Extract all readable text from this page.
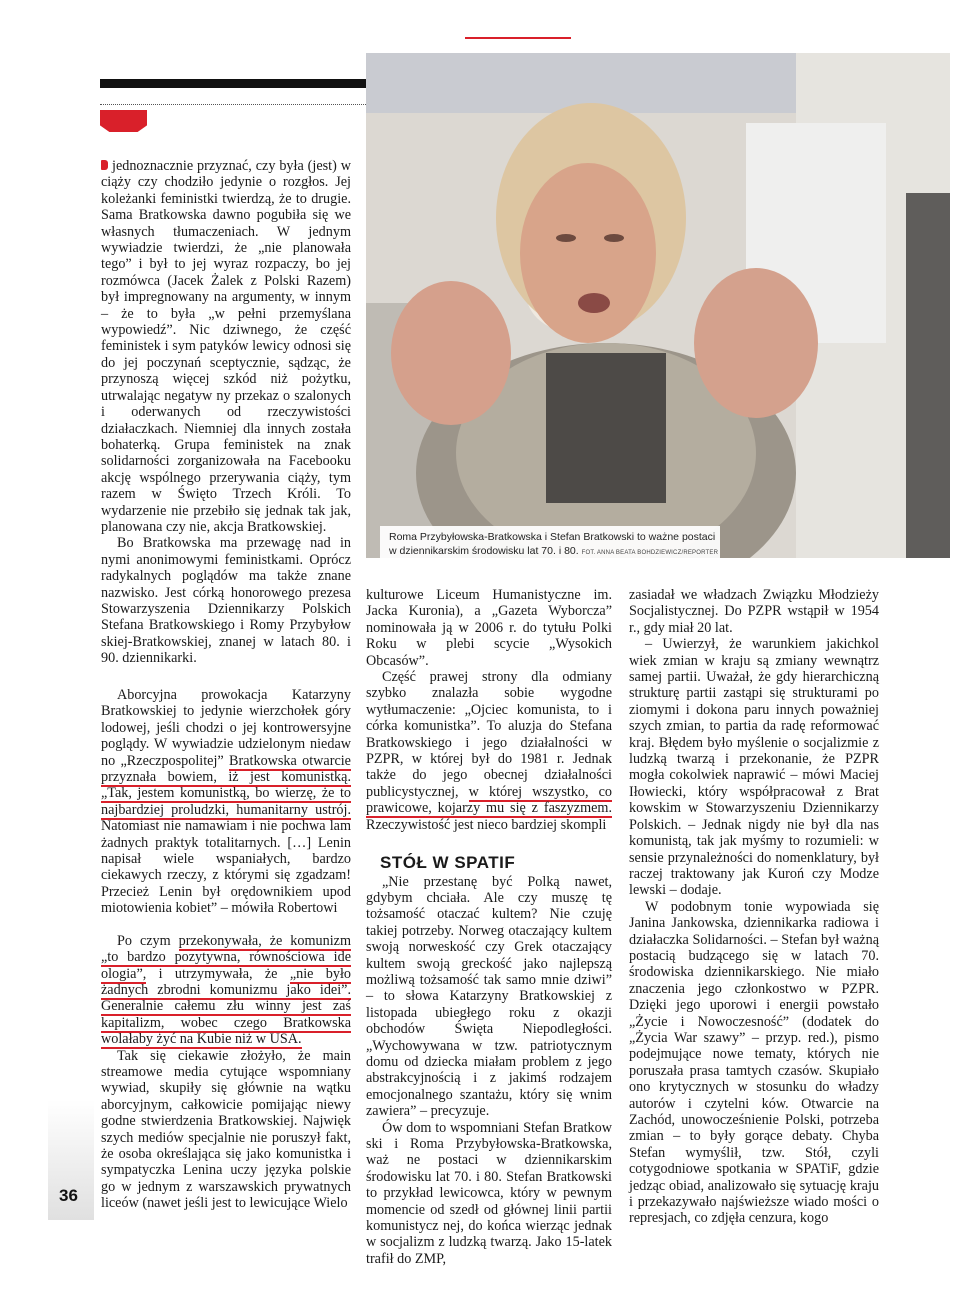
Roma Przybyłowska-Bratkowska i Stefan Bratkowski to ważne postaci w dziennikarskim środowisku lat 70. i 80. FOT. ANNA BEATA BOHDZIEWICZ/REPORTER

jednoznacznie przyznać, czy była (jest) w ciąży czy chodziło jedynie o rozgłos. Jej koleżanki feministki twierdzą, że to drugie. Sama Bratkowska dawno pogubiła się we własnych tłumaczeniach. W jednym wywiadzie twierdzi, że „nie planowała tego” i był to jej wyraz rozpaczy, bo jej rozmówca (Jacek Żalek z Polski Razem) był impregnowany na argumenty, w innym – że to była „w pełni przemyślana wypowiedź”. Nic dziwnego, że część feministek i sym patyków lewicy odnosi się do jej poczynań sceptycznie, sądząc, że przynoszą więcej szkód niż pożytku, utrwalając negatyw ny przekaz o szalonych i oderwanych od rzeczywistości działaczkach. Niemniej dla innych została bohaterką. Grupa feministek na znak solidarności zorganizowała na Facebooku akcję wspólnego przerywania ciąży, tym razem w Święto Trzech Króli. To wydarzenie nie przebiło się jednak tak jak, planowana czy nie, akcja Bratkowskiej.

Bo Bratkowska ma przewagę nad in nymi anonimowymi feministkami. Oprócz radykalnych poglądów ma także znane nazwisko. Jest córką honorowego prezesa Stowarzyszenia Dziennikarzy Polskich Stefana Bratkowskiego i Romy Przybyłow skiej-Bratkowskiej, znanej w latach 80. i 90. dziennikarki.

Aborcyjna prowokacja Katarzyny Bratkowskiej to jedynie wierzchołek góry lodowej, jeśli chodzi o jej kontrowersyjne poglądy. W wywiadzie udzielonym niedaw no „Rzeczpospolitej” Bratkowska otwarcie przyznała bowiem, iż jest komunistką. „Tak, jestem komunistką, bo wierzę, że to najbardziej proludzki, humanitarny ustrój. Natomiast nie namawiam i nie pochwa lam żadnych praktyk totalitarnych. […] Lenin napisał wiele wspaniałych, bardzo ciekawych rzeczy, z którymi się zgadzam! Przecież Lenin był orędownikiem upod miotowienia kobiet” – mówiła Robertowi

Po czym przekonywała, że komunizm „to bardzo pozytywna, równościowa ide ologia”, i utrzymywała, że „nie było żadnych zbrodni komunizmu jako idei”. Generalnie całemu złu winny jest zaś kapitalizm, wobec czego Bratkowska wolałaby żyć na Kubie niż w USA.

Tak się ciekawie złożyło, że main streamowe media cytujące wspomniany wywiad, skupiły się głównie na wątku aborcyjnym, całkowicie pomijając niewy godne stwierdzenia Bratkowskiej. Najwięk szych mediów specjalnie nie poruszył fakt, że osoba określająca się jako komunistka i sympatyczka Lenina uczy języka polskie go w jednym z warszawskich prywatnych liceów (nawet jeśli jest to lewicujące Wielo

kulturowe Liceum Humanistyczne im. Jacka Kuronia), a „Gazeta Wyborcza” nominowała ją w 2006 r. do tytułu Polki Roku w plebi scycie „Wysokich Obcasów”.

Część prawej strony dla odmiany szybko znalazła sobie wygodne wytłumaczenie: „Ojciec komunista, to i córka komunistka”. To aluzja do Stefana Bratkowskiego i jego działalności w PZPR, w której był do 1981 r. Jednak także do jego obecnej działalności publicystycznej, w której wszystko, co prawicowe, kojarzy mu się z faszyzmem. Rzeczywistość jest nieco bardziej skompli

STÓŁ W SPATIF

„Nie przestanę być Polką nawet, gdybym chciała. Ale czy muszę tę tożsamość otaczać kultem? Nie czuję takiej potrzeby. Norweg otaczający kultem swoją norweskość czy Grek otaczający kultem swoją greckość jako najlepszą możliwą tożsamość tak samo mnie dziwi” – to słowa Katarzyny Bratkowskiej z listopada ubiegłego roku z okazji obchodów Święta Niepodległości. „Wychowywana w tzw. patriotycznym domu od dziecka miałam problem z jego abstrakcyjnością i z jakimś rodzajem emocjonalnego szantażu, który się wnim zawiera” – precyzuje.

Ów dom to wspomniani Stefan Bratkow ski i Roma Przybyłowska-Bratkowska, waż ne postaci w dziennikarskim środowisku lat 70. i 80. Stefan Bratkowski to przykład lewicowca, który w pewnym momencie od szedł od głównej linii partii komunistycz nej, do końca wierząc jednak w socjalizm z ludzką twarzą. Jako 15-latek trafił do ZMP,

zasiadał we władzach Związku Młodzieży Socjalistycznej. Do PZPR wstąpił w 1954 r., gdy miał 20 lat.

– Uwierzył, że warunkiem jakichkol wiek zmian w kraju są zmiany wewnątrz samej partii. Uważał, że gdy hierarchiczną strukturę partii zastąpi się strukturami po ziomymi i dokona paru innych poważniej szych zmian, to partia da radę reformować kraj. Błędem było myślenie o socjalizmie z ludzką twarzą i przekonanie, że PZPR mogła cokolwiek naprawić – mówi Maciej Iłowiecki, który współpracował z Brat kowskim w Stowarzyszeniu Dziennikarzy Polskich. – Jednak nigdy nie był dla nas komunistą, tak jak myśmy to rozumieli: w sensie przynależności do nomenklatury, był raczej traktowany jak Kuroń czy Modze lewski – dodaje.

W podobnym tonie wypowiada się Janina Jankowska, dziennikarka radiowa i działaczka Solidarności. – Stefan był ważną postacią budzącego się w latach 70. środowiska dziennikarskiego. Nie miało znaczenia jego członkostwo w PZPR. Dzięki jego uporowi i energii powstało „Życie i Nowoczesność” (dodatek do „Życia War szawy” – przyp. red.), pismo podejmujące nowe tematy, których nie poruszała prasa tamtych czasów. Skupiało ono krytycznych w stosunku do władzy autorów i czytelni ków. Otwarcie na Zachód, unowocześnienie Polski, potrzeba zmian – to były gorące debaty. Chyba Stefan wymyślił, tzw. Stół, czyli cotygodniowe spotkania w SPATiF, gdzie jedząc obiad, analizowało się sytuację kraju i przekazywało najświeższe wiado mości o represjach, co zdjęła cenzura, kogo

36
